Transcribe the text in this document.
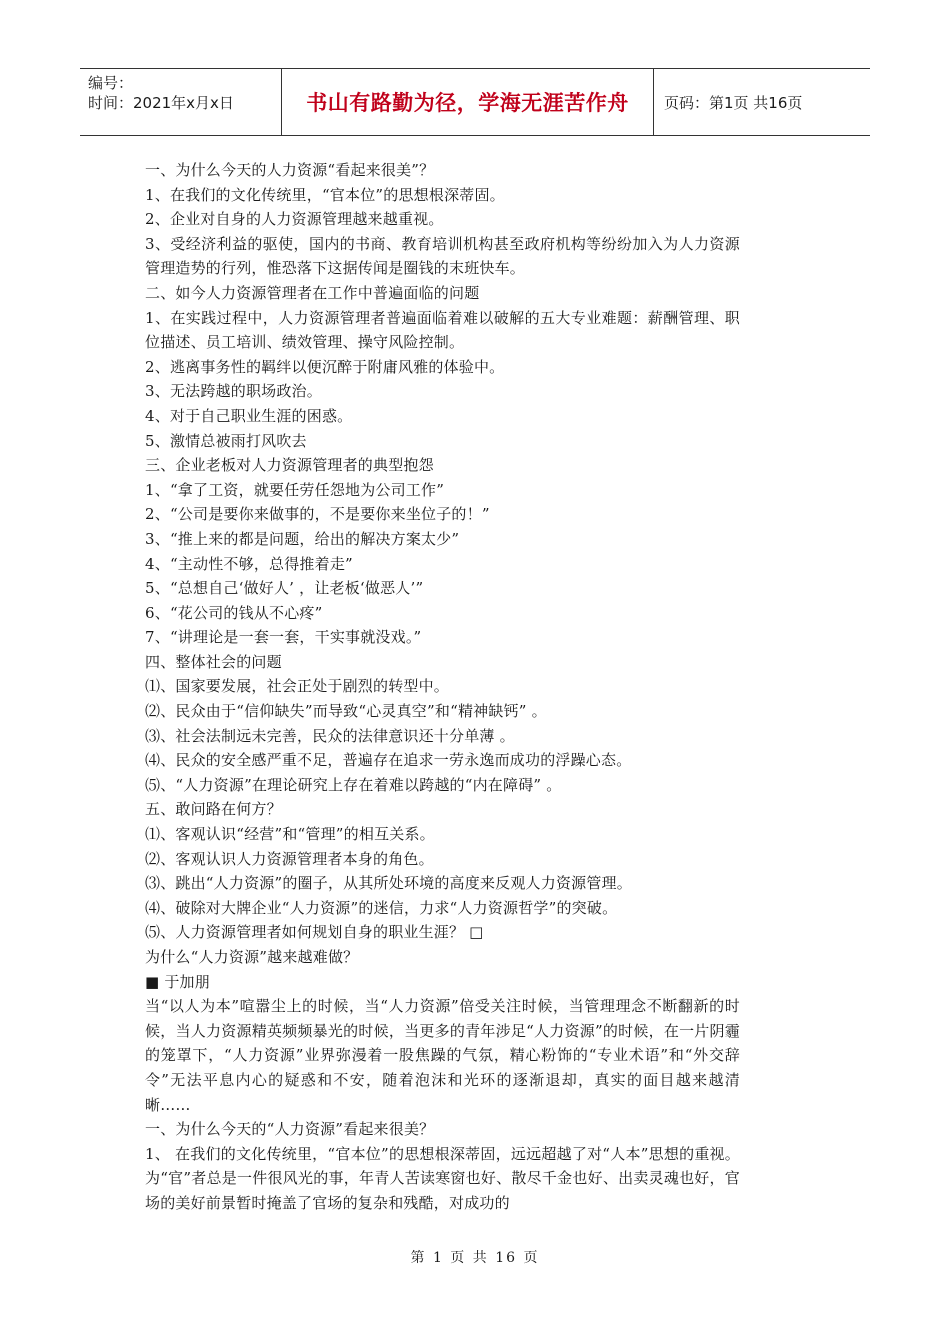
编号：
时间：2021年x月x日	书山有路勤为径，学海无涯苦作舟 页码：第1页 共16页

一、为什么今天的人力资源“看起来很美”？

1、在我们的文化传统里，“官本位”的思想根深蒂固。

2、企业对自身的人力资源管理越来越重视。

3、受经济利益的驱使，国内的书商、教育培训机构甚至政府机构等纷纷加入为人力资源管理造势的行列，惟恐落下这据传闻是圈钱的末班快车。

二、如今人力资源管理者在工作中普遍面临的问题

1、在实践过程中，人力资源管理者普遍面临着难以破解的五大专业难题：薪酬管理、职位描述、员工培训、绩效管理、操守风险控制。

2、逃离事务性的羁绊以便沉醉于附庸风雅的体验中。

3、无法跨越的职场政治。

4、对于自己职业生涯的困惑。

5、激情总被雨打风吹去

三、企业老板对人力资源管理者的典型抱怨

1、“拿了工资，就要任劳任怨地为公司工作”

2、“公司是要你来做事的，不是要你来坐位子的！”

3、“推上来的都是问题，给出的解决方案太少”

4、“主动性不够，总得推着走”

5、“总想自己‘做好人’ ，让老板‘做恶人’”

6、“花公司的钱从不心疼”

7、“讲理论是一套一套，干实事就没戏。”

四、整体社会的问题

⑴、国家要发展，社会正处于剧烈的转型中。

⑵、民众由于“信仰缺失”而导致“心灵真空”和“精神缺钙” 。

⑶、社会法制远未完善，民众的法律意识还十分单薄 。

⑷、民众的安全感严重不足，普遍存在追求一劳永逸而成功的浮躁心态。

⑸、“人力资源”在理论研究上存在着难以跨越的“内在障碍” 。

五、敢问路在何方？

⑴、客观认识“经营”和“管理”的相互关系。

⑵、客观认识人力资源管理者本身的角色。

⑶、跳出“人力资源”的圈子，从其所处环境的高度来反观人力资源管理。

⑷、破除对大牌企业“人力资源”的迷信，力求“人力资源哲学”的突破。

⑸、人力资源管理者如何规划自身的职业生涯？ □

为什么“人力资源”越来越难做？

■ 于加朋

当“以人为本”喧嚣尘上的时候，当“人力资源”倍受关注时候，当管理理念不断翻新的时候，当人力资源精英频频暴光的时候，当更多的青年涉足“人力资源”的时候，在一片阴霾的笼罩下，“人力资源”业界弥漫着一股焦躁的气氛，精心粉饰的“专业术语”和“外交辞令”无法平息内心的疑惑和不安，随着泡沫和光环的逐渐退却，真实的面目越来越清晰……

一、为什么今天的“人力资源”看起来很美？

1、 在我们的文化传统里，“官本位”的思想根深蒂固，远远超越了对“人本”思想的重视。为“官”者总是一件很风光的事，年青人苦读寒窗也好、散尽千金也好、出卖灵魂也好，官场的美好前景暂时掩盖了官场的复杂和残酷，对成功的

第 1 页 共 16 页
